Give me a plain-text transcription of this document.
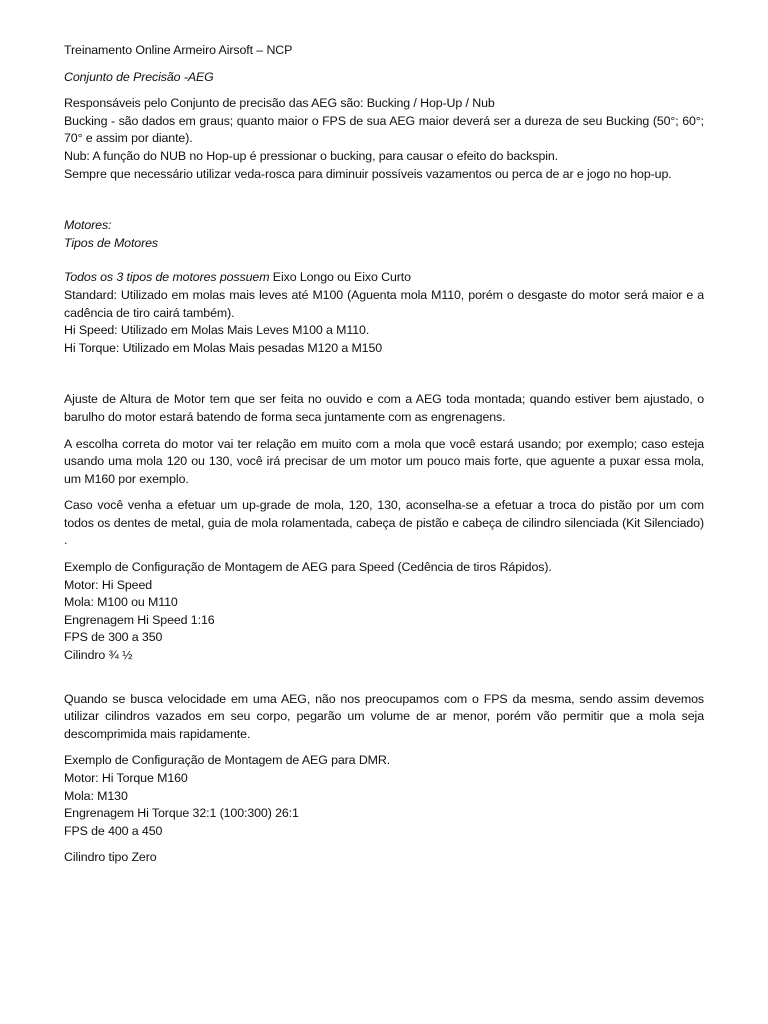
Treinamento Online Armeiro Airsoft – NCP

Conjunto de Precisão -AEG

Responsáveis pelo Conjunto de precisão das AEG são: Bucking / Hop-Up / Nub
Bucking - são dados em graus; quanto maior o FPS de sua AEG maior deverá ser a dureza de seu Bucking (50°; 60°; 70° e assim por diante).
Nub: A função do NUB no Hop-up é pressionar o bucking, para causar o efeito do backspin.
Sempre que necessário utilizar veda-rosca para diminuir possíveis vazamentos ou perca de ar e jogo no hop-up.

Motores:

Tipos de Motores

Todos os 3 tipos de motores possuem Eixo Longo ou Eixo Curto

Standard: Utilizado em molas mais leves até M100 (Aguenta mola M110, porém o desgaste do motor será maior e a cadência de tiro cairá também).
Hi Speed: Utilizado em Molas Mais Leves M100 a M110.
Hi Torque: Utilizado em Molas Mais pesadas M120 a M150

Ajuste de Altura de Motor tem que ser feita no ouvido e com a AEG toda montada; quando estiver bem ajustado, o barulho do motor estará batendo de forma seca juntamente com as engrenagens.

A escolha correta do motor vai ter relação em muito com a mola que você estará usando; por exemplo; caso esteja usando uma mola 120 ou 130, você irá precisar de um motor um pouco mais forte, que aguente a puxar essa mola, um M160 por exemplo.

Caso você venha a efetuar um up-grade de mola, 120, 130, aconselha-se a efetuar a troca do pistão por um com todos os dentes de metal, guia de mola rolamentada, cabeça de pistão e cabeça de cilindro silenciada (Kit Silenciado) .

Exemplo de Configuração de Montagem de AEG para Speed (Cedência de tiros Rápidos).
Motor: Hi Speed
Mola: M100 ou M110
Engrenagem Hi Speed 1:16
FPS de 300 a 350
Cilindro ¾ ½

Quando se busca velocidade em uma AEG, não nos preocupamos com o FPS da mesma, sendo assim devemos utilizar cilindros vazados em seu corpo, pegarão um volume de ar menor, porém vão permitir que a mola seja descomprimida mais rapidamente.

Exemplo de Configuração de Montagem de AEG para DMR.
Motor: Hi Torque M160
Mola: M130
Engrenagem Hi Torque 32:1 (100:300) 26:1
FPS de 400 a 450

Cilindro tipo Zero
